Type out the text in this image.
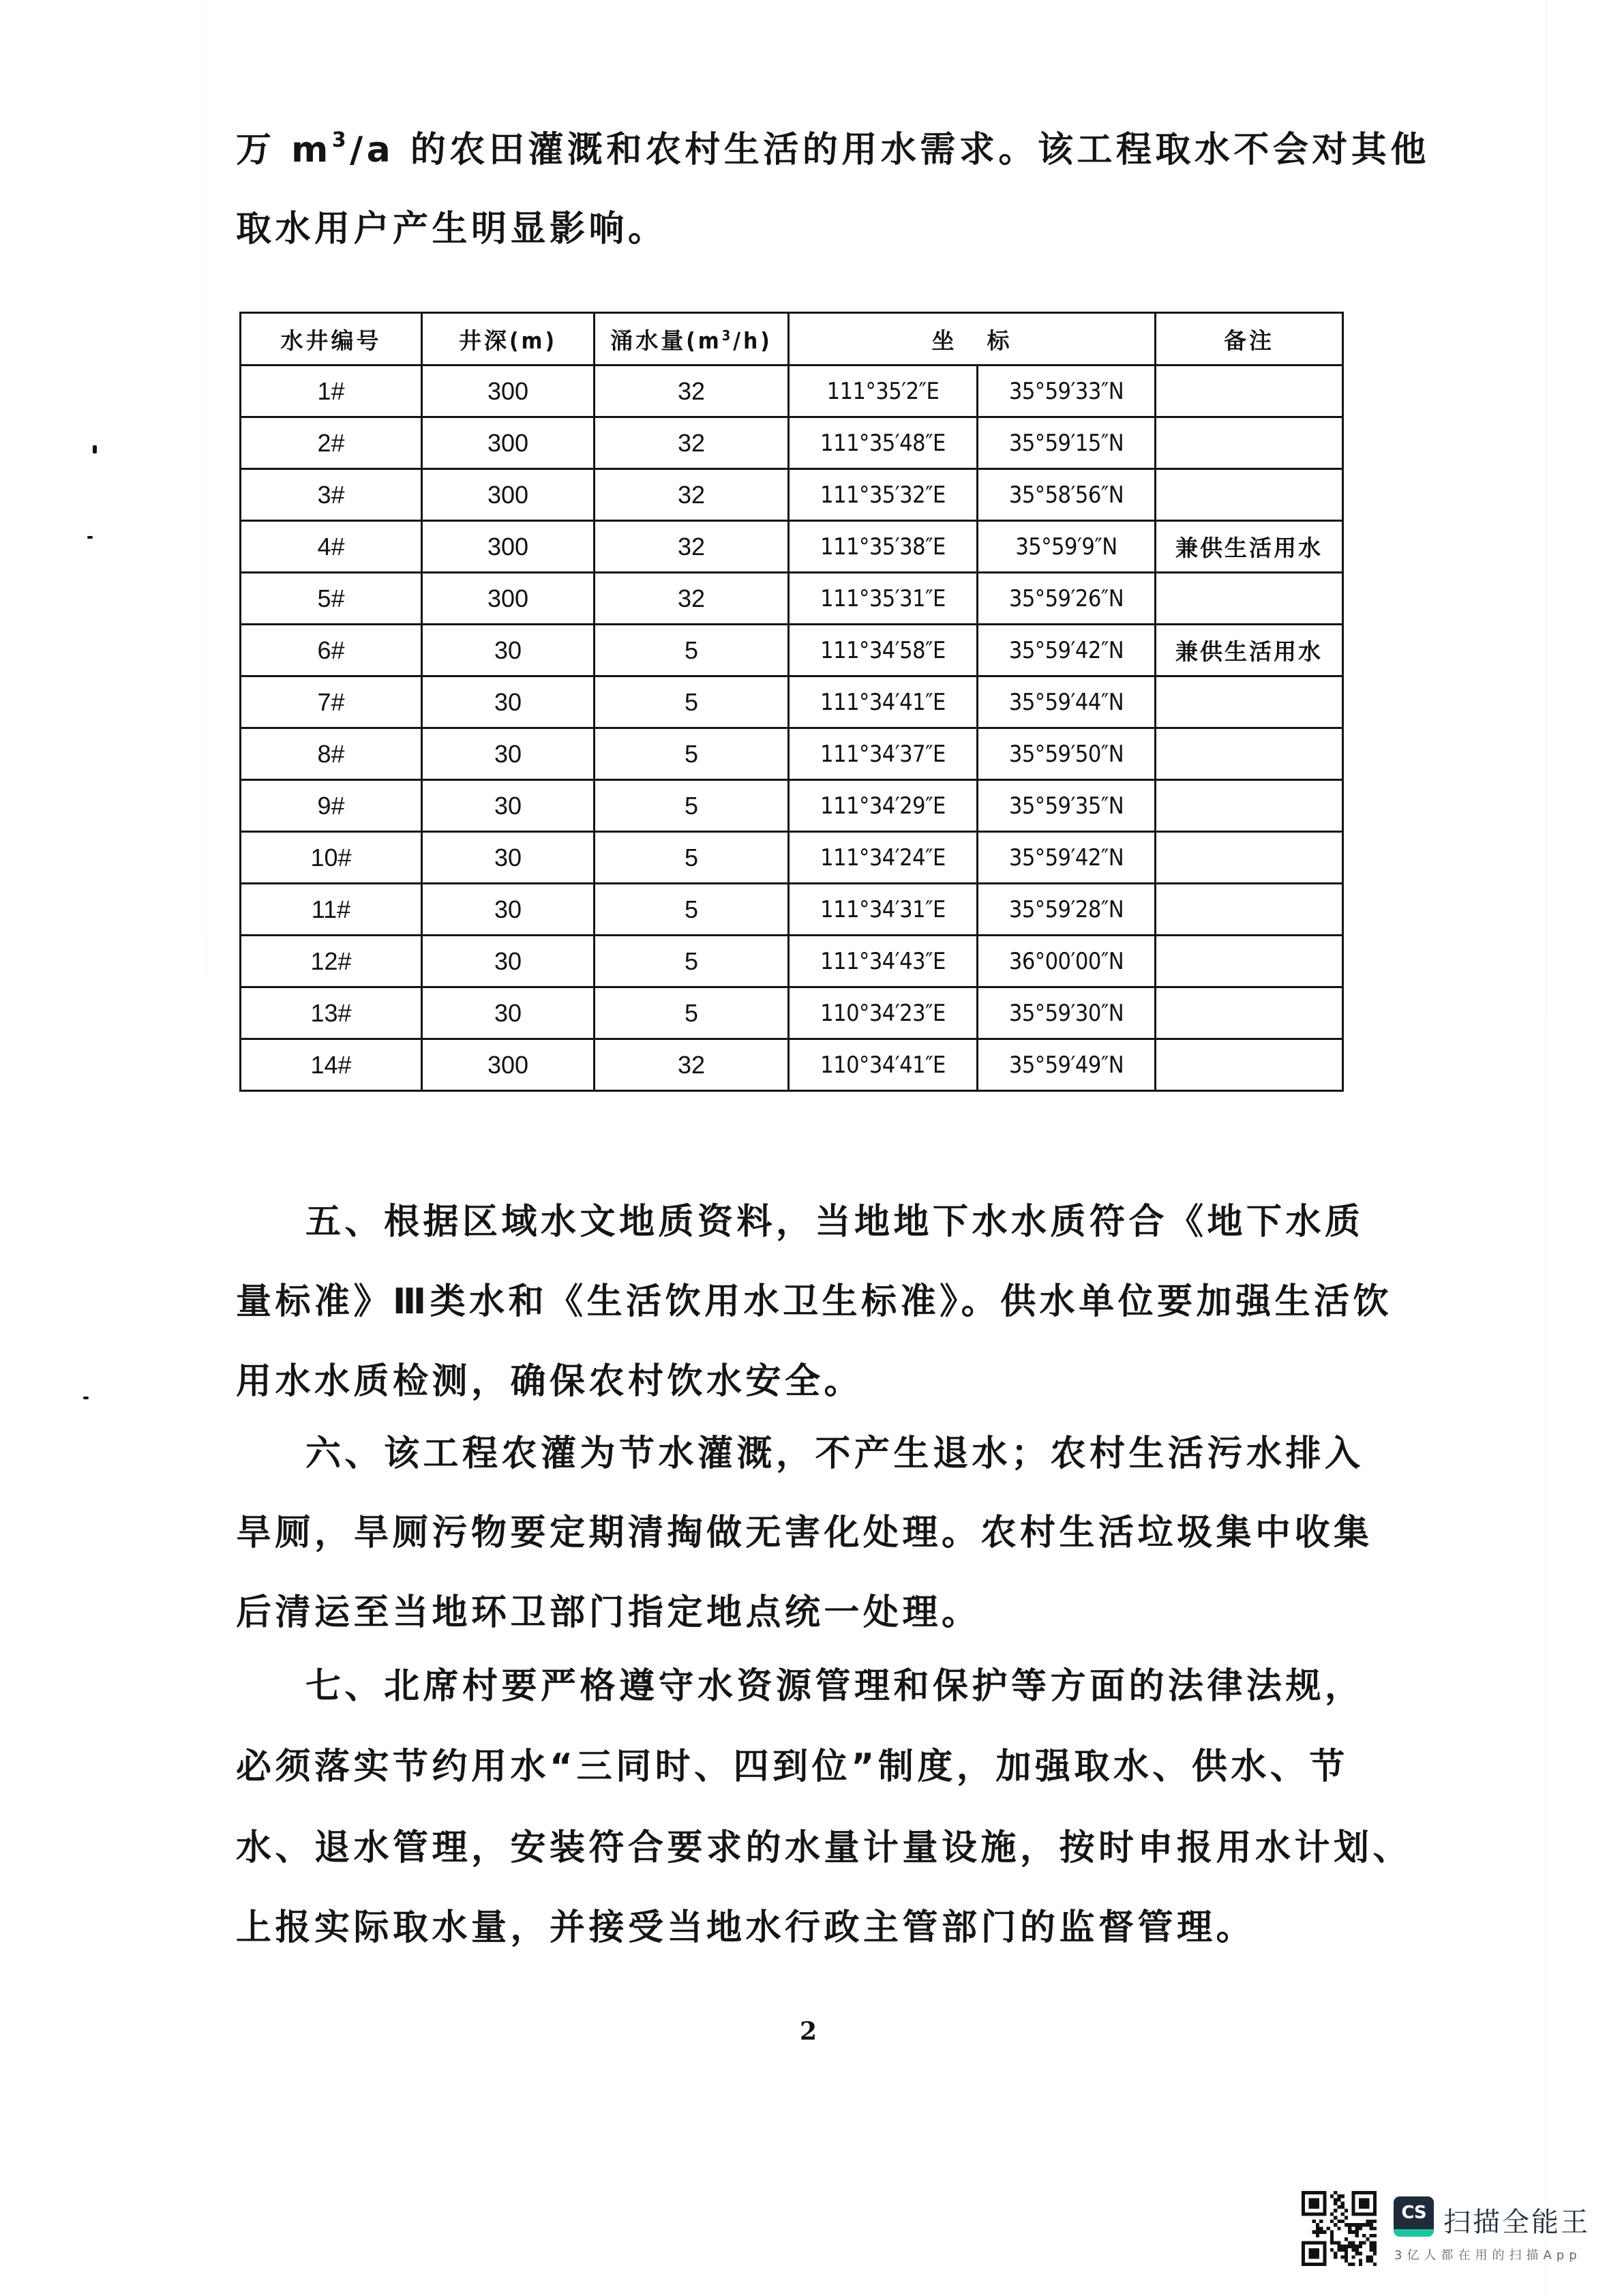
万 $m^3/a$ 的农田灌溉和农村生活的用水需求。该工程取水不会对其他
取水用户产生明显影响。
水井编号	井深(m)	涌水量$(m^3/h)$	坐 标		备注
1#	300	32	111°35′2″E	35°59′33″N	
2#	300	32	111°35′48″E	35°59′15″N	
3#	300	32	111°35′32″E	35°58′56″N	
4#	300	32	111°35′38″E	35°59′9″N	兼供生活用水
5#	300	32	111°35′31″E	35°59′26″N	
6#	30	5	111°34′58″E	35°59′42″N	兼供生活用水
7#	30	5	111°34′41″E	35°59′44″N	
8#	30	5	111°34′37″E	35°59′50″N	
9#	30	5	111°34′29″E	35°59′35″N	
10#	30	5	111°34′24″E	35°59′42″N	
11#	30	5	111°34′31″E	35°59′28″N	
12#	30	5	111°34′43″E	36°00′00″N	
13#	30	5	110°34′23″E	35°59′30″N	
14#	300	32	110°34′41″E	35°59′49″N	
五、根据区域水文地质资料，当地地下水水质符合《地下水质
量标准》Ⅲ类水和《生活饮用水卫生标准》。供水单位要加强生活饮
用水水质检测，确保农村饮水安全。
六、该工程农灌为节水灌溉，不产生退水；农村生活污水排入
旱厕，旱厕污物要定期清掏做无害化处理。农村生活垃圾集中收集
后清运至当地环卫部门指定地点统一处理。
七、北席村要严格遵守水资源管理和保护等方面的法律法规，
必须落实节约用水“三同时、四到位”制度，加强取水、供水、节
水、退水管理，安装符合要求的水量计量设施，按时申报用水计划、
上报实际取水量，并接受当地水行政主管部门的监督管理。
2
CS 扫描全能王
3亿人都在用的扫描App
